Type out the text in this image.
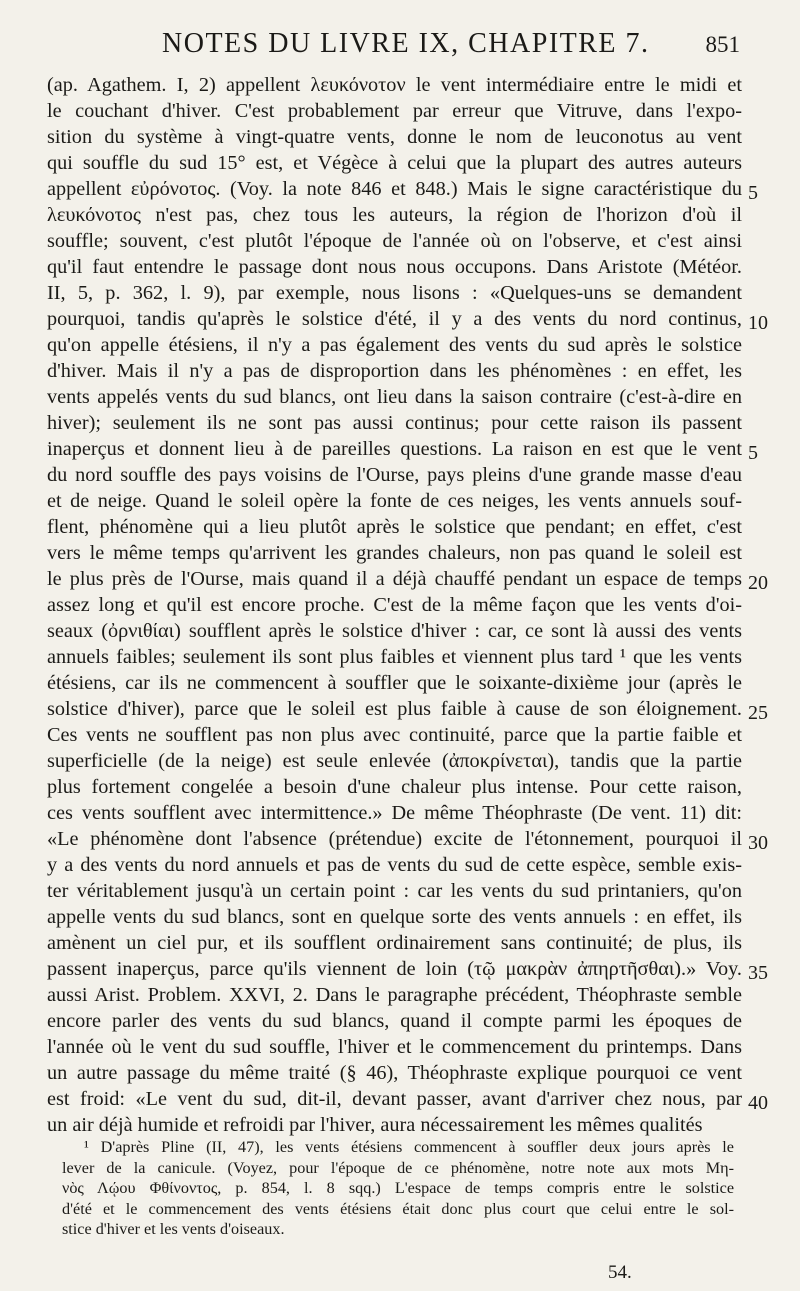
NOTES DU LIVRE IX, CHAPITRE 7. 851
(ap. Agathem. I, 2) appellent λευκόνοτον le vent intermédiaire entre le midi et
le couchant d'hiver. C'est probablement par erreur que Vitruve, dans l'expo-
sition du système à vingt-quatre vents, donne le nom de leuconotus au vent
qui souffle du sud 15° est, et Végèce à celui que la plupart des autres auteurs
appellent εὐρόνοτος. (Voy. la note 846 et 848.) Mais le signe caractéristique du
λευκόνοτος n'est pas, chez tous les auteurs, la région de l'horizon d'où il
souffle; souvent, c'est plutôt l'époque de l'année où on l'observe, et c'est ainsi
qu'il faut entendre le passage dont nous nous occupons. Dans Aristote (Météor.
II, 5, p. 362, l. 9), par exemple, nous lisons : «Quelques-uns se demandent
pourquoi, tandis qu'après le solstice d'été, il y a des vents du nord continus,
qu'on appelle étésiens, il n'y a pas également des vents du sud après le solstice
d'hiver. Mais il n'y a pas de disproportion dans les phénomènes : en effet, les
vents appelés vents du sud blancs, ont lieu dans la saison contraire (c'est-à-dire en
hiver); seulement ils ne sont pas aussi continus; pour cette raison ils passent
inaperçus et donnent lieu à de pareilles questions. La raison en est que le vent
du nord souffle des pays voisins de l'Ourse, pays pleins d'une grande masse d'eau
et de neige. Quand le soleil opère la fonte de ces neiges, les vents annuels souf-
flent, phénomène qui a lieu plutôt après le solstice que pendant; en effet, c'est
vers le même temps qu'arrivent les grandes chaleurs, non pas quand le soleil est
le plus près de l'Ourse, mais quand il a déjà chauffé pendant un espace de temps
assez long et qu'il est encore proche. C'est de la même façon que les vents d'oi-
seaux (ὀρνιθίαι) soufflent après le solstice d'hiver : car, ce sont là aussi des vents
annuels faibles; seulement ils sont plus faibles et viennent plus tard ¹ que les vents
étésiens, car ils ne commencent à souffler que le soixante-dixième jour (après le
solstice d'hiver), parce que le soleil est plus faible à cause de son éloignement.
Ces vents ne soufflent pas non plus avec continuité, parce que la partie faible et
superficielle (de la neige) est seule enlevée (ἀποκρίνεται), tandis que la partie
plus fortement congelée a besoin d'une chaleur plus intense. Pour cette raison,
ces vents soufflent avec intermittence.» De même Théophraste (De vent. 11) dit:
«Le phénomène dont l'absence (prétendue) excite de l'étonnement, pourquoi il
y a des vents du nord annuels et pas de vents du sud de cette espèce, semble exis-
ter véritablement jusqu'à un certain point : car les vents du sud printaniers, qu'on
appelle vents du sud blancs, sont en quelque sorte des vents annuels : en effet, ils
amènent un ciel pur, et ils soufflent ordinairement sans continuité; de plus, ils
passent inaperçus, parce qu'ils viennent de loin (τῷ μακρὰν ἀπηρτῆσθαι).» Voy.
aussi Arist. Problem. XXVI, 2. Dans le paragraphe précédent, Théophraste semble
encore parler des vents du sud blancs, quand il compte parmi les époques de
l'année où le vent du sud souffle, l'hiver et le commencement du printemps. Dans
un autre passage du même traité (§ 46), Théophraste explique pourquoi ce vent
est froid: «Le vent du sud, dit-il, devant passer, avant d'arriver chez nous, par
un air déjà humide et refroidi par l'hiver, aura nécessairement les mêmes qualités
5
10
5
20
25
30
35
40
¹ D'après Pline (II, 47), les vents étésiens commencent à souffler deux jours après le
lever de la canicule. (Voyez, pour l'époque de ce phénomène, notre note aux mots Μη-
νὸς Λῴου Φθίνοντος, p. 854, l. 8 sqq.) L'espace de temps compris entre le solstice
d'été et le commencement des vents étésiens était donc plus court que celui entre le sol-
stice d'hiver et les vents d'oiseaux.
54.
